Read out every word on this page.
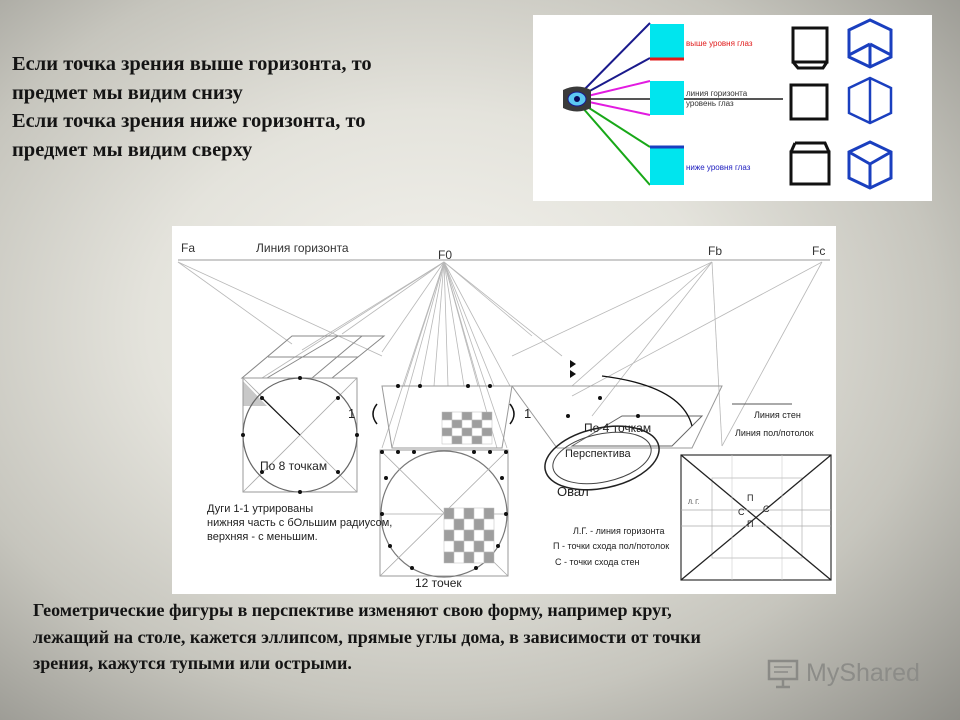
Если точка зрения выше горизонта, то
предмет мы видим снизу
Если точка зрения ниже горизонта, то
предмет мы видим сверху
выше уровня глаз
линия горизонта
уровень глаз
ниже уровня глаз
Fa	Линия горизонта	F0	Fb	Fc
По 8 точкам
1	1
По 4 точкам
Перспектива
Овал
Дуги 1-1 утрированы
нижняя часть с бОльшим радиусом,
верхняя - с меньшим.
12 точек
Линия стен
Линия пол/потолок
Л. Г.	П
С С
П
Л.Г. - линия горизонта
П - точки схода пол/потолок
С - точки схода стен
Геометрические фигуры в перспективе изменяют свою форму, например круг,
лежащий на столе, кажется эллипсом, прямые углы дома, в зависимости от точки
зрения, кажутся тупыми или острыми.	MyShared
